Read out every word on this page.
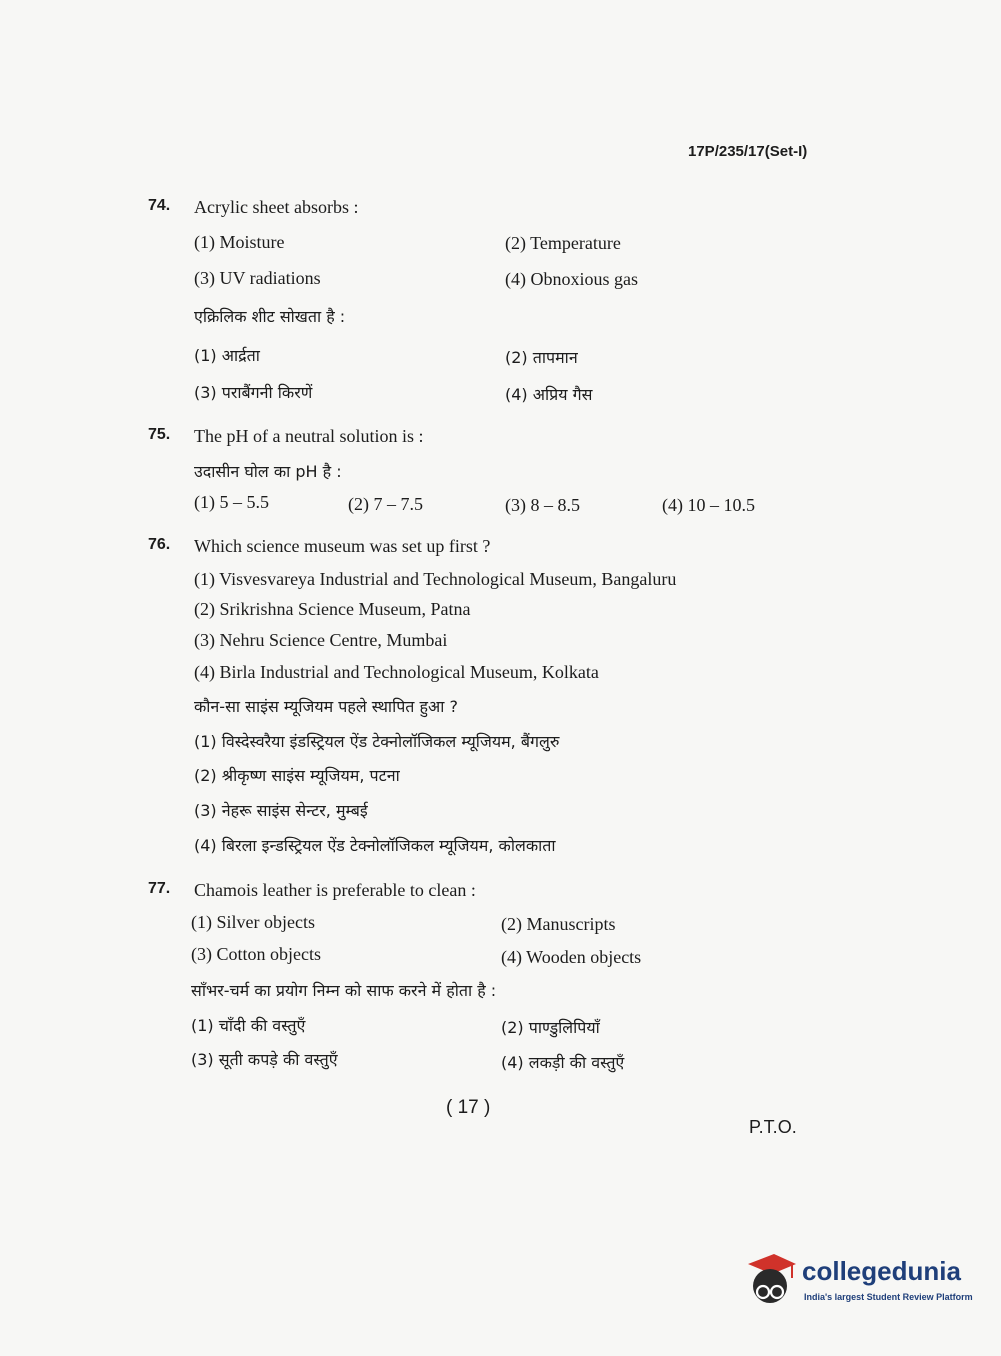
17P/235/17(Set-I)
74. Acrylic sheet absorbs :
(1) Moisture	(2) Temperature
(3) UV radiations	(4) Obnoxious gas
एक्रिलिक शीट सोखता है :
(1) आर्द्रता	(2) तापमान
(3) पराबैंगनी किरणें	(4) अप्रिय गैस
75. The pH of a neutral solution is :
उदासीन घोल का pH है :
(1) 5 – 5.5	(2) 7 – 7.5	(3) 8 – 8.5	(4) 10 – 10.5
76. Which science museum was set up first ?
(1) Visvesvareya Industrial and Technological Museum, Bangaluru
(2) Srikrishna Science Museum, Patna
(3) Nehru Science Centre, Mumbai
(4) Birla Industrial and Technological Museum, Kolkata
कौन-सा साइंस म्यूजियम पहले स्थापित हुआ ?
(1) विस्देस्वरैया इंडस्ट्रियल ऐंड टेक्नोलॉजिकल म्यूजियम, बैंगलुरु
(2) श्रीकृष्ण साइंस म्यूजियम, पटना
(3) नेहरू साइंस सेन्टर, मुम्बई
(4) बिरला इन्डस्ट्रियल ऐंड टेक्नोलॉजिकल म्यूजियम, कोलकाता
77. Chamois leather is preferable to clean :
(1) Silver objects	(2) Manuscripts
(3) Cotton objects	(4) Wooden objects
साँभर-चर्म का प्रयोग निम्न को साफ करने में होता है :
(1) चाँदी की वस्तुएँ	(2) पाण्डुलिपियाँ
(3) सूती कपड़े की वस्तुएँ	(4) लकड़ी की वस्तुएँ
( 17 )
P.T.O.
collegedunia
India's largest Student Review Platform
